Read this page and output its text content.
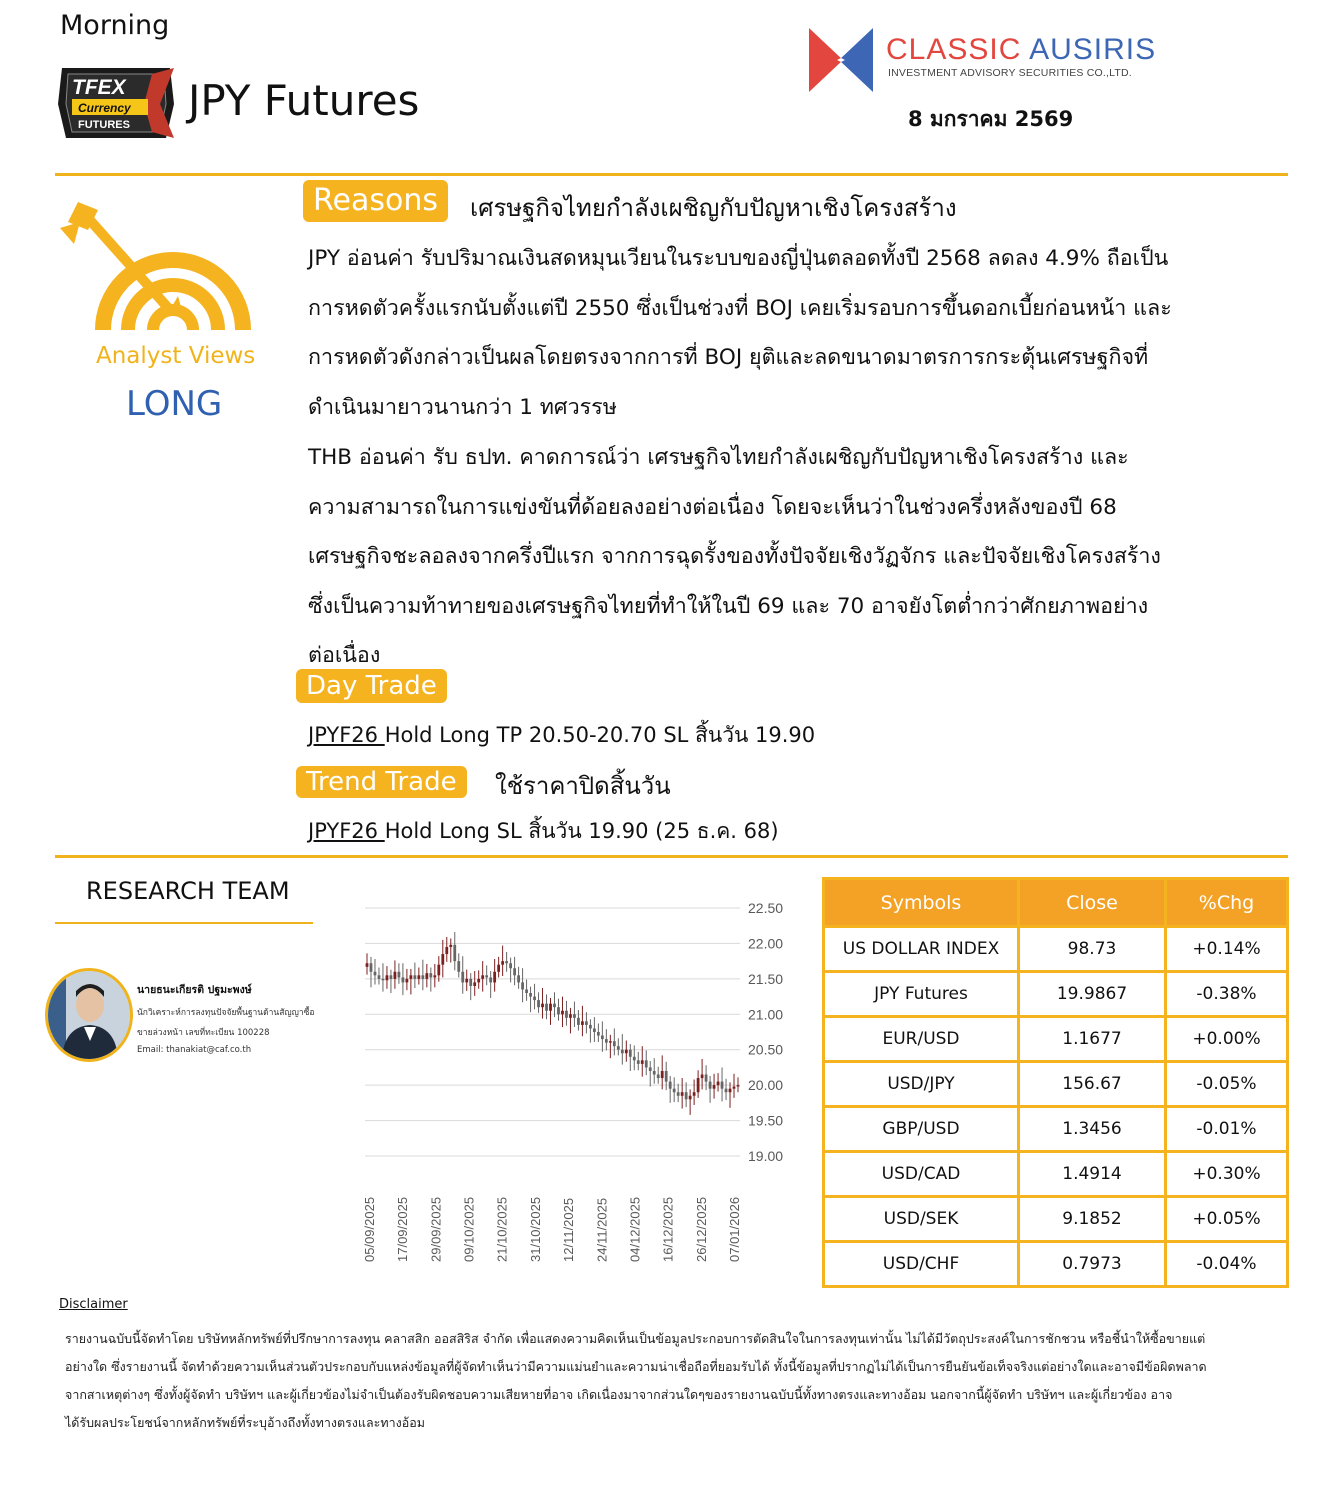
Morning
TFEX
Currency
FUTURES JPY Futures
CLASSIC AUSIRIS
INVESTMENT ADVISORY SECURITIES CO.,LTD.
8 มกราคม 2569
Analyst Views
LONG
Reasons	เศรษฐกิจไทยกำลังเผชิญกับปัญหาเชิงโครงสร้าง

JPY อ่อนค่า รับปริมาณเงินสดหมุนเวียนในระบบของญี่ปุ่นตลอดทั้งปี 2568 ลดลง 4.9% ถือเป็น

การหดตัวครั้งแรกนับตั้งแต่ปี 2550 ซึ่งเป็นช่วงที่ BOJ เคยเริ่มรอบการขึ้นดอกเบี้ยก่อนหน้า และ

การหดตัวดังกล่าวเป็นผลโดยตรงจากการที่ BOJ ยุติและลดขนาดมาตรการกระตุ้นเศรษฐกิจที่

ดำเนินมายาวนานกว่า 1 ทศวรรษ

THB อ่อนค่า รับ ธปท. คาดการณ์ว่า เศรษฐกิจไทยกำลังเผชิญกับปัญหาเชิงโครงสร้าง และ

ความสามารถในการแข่งขันที่ด้อยลงอย่างต่อเนื่อง โดยจะเห็นว่าในช่วงครึ่งหลังของปี 68

เศรษฐกิจชะลอลงจากครึ่งปีแรก จากการฉุดรั้งของทั้งปัจจัยเชิงวัฏจักร และปัจจัยเชิงโครงสร้าง

ซึ่งเป็นความท้าทายของเศรษฐกิจไทยที่ทำให้ในปี 69 และ 70 อาจยังโตต่ำกว่าศักยภาพอย่าง

ต่อเนื่อง

Day Trade
JPYF26 Hold Long TP 20.50-20.70 SL สิ้นวัน 19.90
Trend Trade	ใช้ราคาปิดสิ้นวัน
JPYF26 Hold Long SL สิ้นวัน 19.90 (25 ธ.ค. 68)
RESEARCH TEAM
นายธนะเกียรติ ปฐมะพงษ์
นักวิเคราะห์การลงทุนปัจจัยพื้นฐานด้านสัญญาซื้อ
ขายล่วงหน้า เลขที่ทะเบียน 100228
Email: thanakiat@caf.co.th
22.50
22.00
21.50
21.00
20.50
20.00
19.50
19.00
05/09/2025 17/09/2025 29/09/2025 09/10/2025 21/10/2025 31/10/2025 12/11/2025 24/11/2025 04/12/2025 16/12/2025 26/12/2025 07/01/2026
Symbols	Close	%Chg
US DOLLAR INDEX	98.73	+0.14%
JPY Futures	19.9867	-0.38%
EUR/USD	1.1677	+0.00%
USD/JPY	156.67	-0.05%
GBP/USD	1.3456	-0.01%
USD/CAD	1.4914	+0.30%
USD/SEK	9.1852	+0.05%
USD/CHF	0.7973	-0.04%
Disclaimer
รายงานฉบับนี้จัดทำโดย บริษัทหลักทรัพย์ที่ปรึกษาการลงทุน คลาสสิก ออสสิริส จำกัด เพื่อแสดงความคิดเห็นเป็นข้อมูลประกอบการตัดสินใจในการลงทุนเท่านั้น ไม่ได้มีวัตถุประสงค์ในการชักชวน หรือชี้นำให้ซื้อขายแต่
อย่างใด ซึ่งรายงานนี้ จัดทำด้วยความเห็นส่วนตัวประกอบกับแหล่งข้อมูลที่ผู้จัดทำเห็นว่ามีความแม่นยำและความน่าเชื่อถือที่ยอมรับได้ ทั้งนี้ข้อมูลที่ปรากฏไม่ได้เป็นการยืนยันข้อเท็จจริงแต่อย่างใดและอาจมีข้อผิดพลาด
จากสาเหตุต่างๆ ซึ่งทั้งผู้จัดทำ บริษัทฯ และผู้เกี่ยวข้องไม่จำเป็นต้องรับผิดชอบความเสียหายที่อาจ เกิดเนื่องมาจากส่วนใดๆของรายงานฉบับนี้ทั้งทางตรงและทางอ้อม นอกจากนี้ผู้จัดทำ บริษัทฯ และผู้เกี่ยวข้อง อาจ
ได้รับผลประโยชน์จากหลักทรัพย์ที่ระบุอ้างถึงทั้งทางตรงและทางอ้อม
